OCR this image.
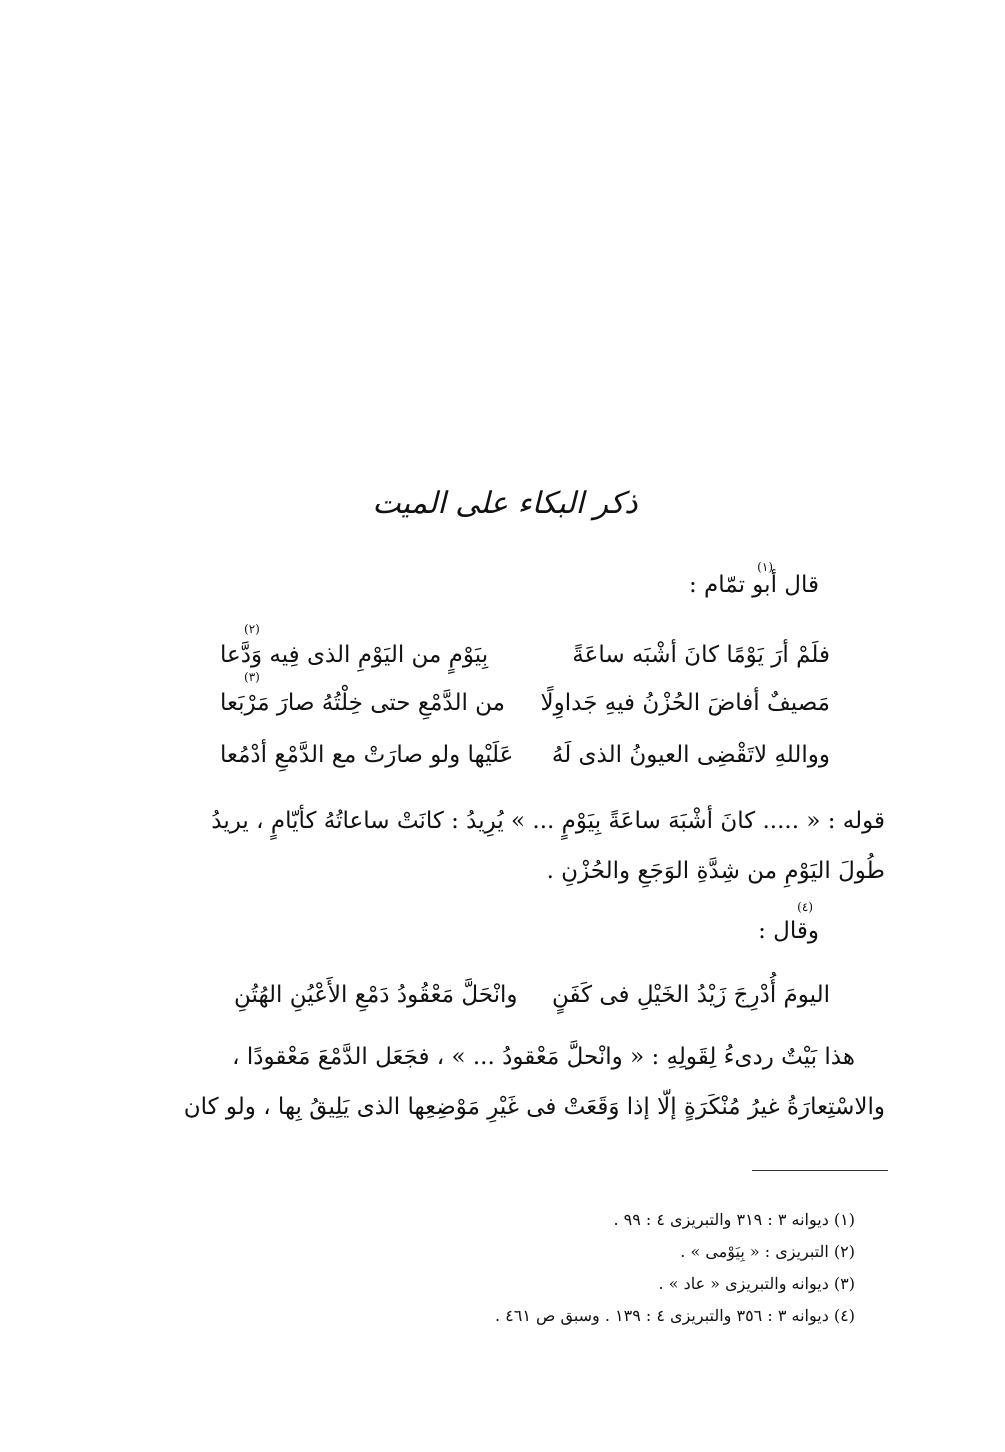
ذكر البكاء على الميت
قال أبو تمّام :
(١)
فلَمْ أرَ يَوْمًا كانَ أشْبَه ساعَةً
بِيَوْمٍ من اليَوْمِ الذى فِيه وَدَّعا
(٢)
مَصيفٌ أفاضَ الحُزْنُ فيهِ جَداوِلًا
من الدَّمْعِ حتى خِلْتُهُ صارَ مَرْبَعا
(٣)
وواللهِ لاتَقْضِى العيونُ الذى لَهُ
عَلَيْها ولو صارَتْ مع الدَّمْعِ أدْمُعا
قوله : « ..... كانَ أشْبَهَ ساعَةً بِيَوْمٍ ... » يُرِيدُ : كانَتْ ساعاتُهُ كأيّامٍ ، يريدُ
طُولَ اليَوْمِ من شِدَّةِ الوَجَعِ والحُزْنِ .
وقال :
(٤)
اليومَ أُدْرِجَ زَيْدُ الخَيْلِ فى كَفَنٍ
وانْحَلَّ مَعْقُودُ دَمْعِ الأَعْيُنِ الهُتُنِ
هذا بَيْتٌ ردىءُ لِقَولِهِ : « وانْحلَّ مَعْقودُ ... » ، فجَعَل الدَّمْعَ مَعْقودًا ،
والاسْتِعارَةُ غيرُ مُنْكَرَةٍ إلّا إذا وَقَعَتْ فى غَيْرِ مَوْضِعِها الذى يَلِيقُ بِها ، ولو كان
(١) ديوانه ٣ : ٣١٩ والتبريزى ٤ : ٩٩ .
(٢) التبريزى : « بِيَوْمى » .
(٣) ديوانه والتبريزى « عاد » .
(٤) ديوانه ٣ : ٣٥٦ والتبريزى ٤ : ١٣٩ . وسبق ص ٤٦١ .
